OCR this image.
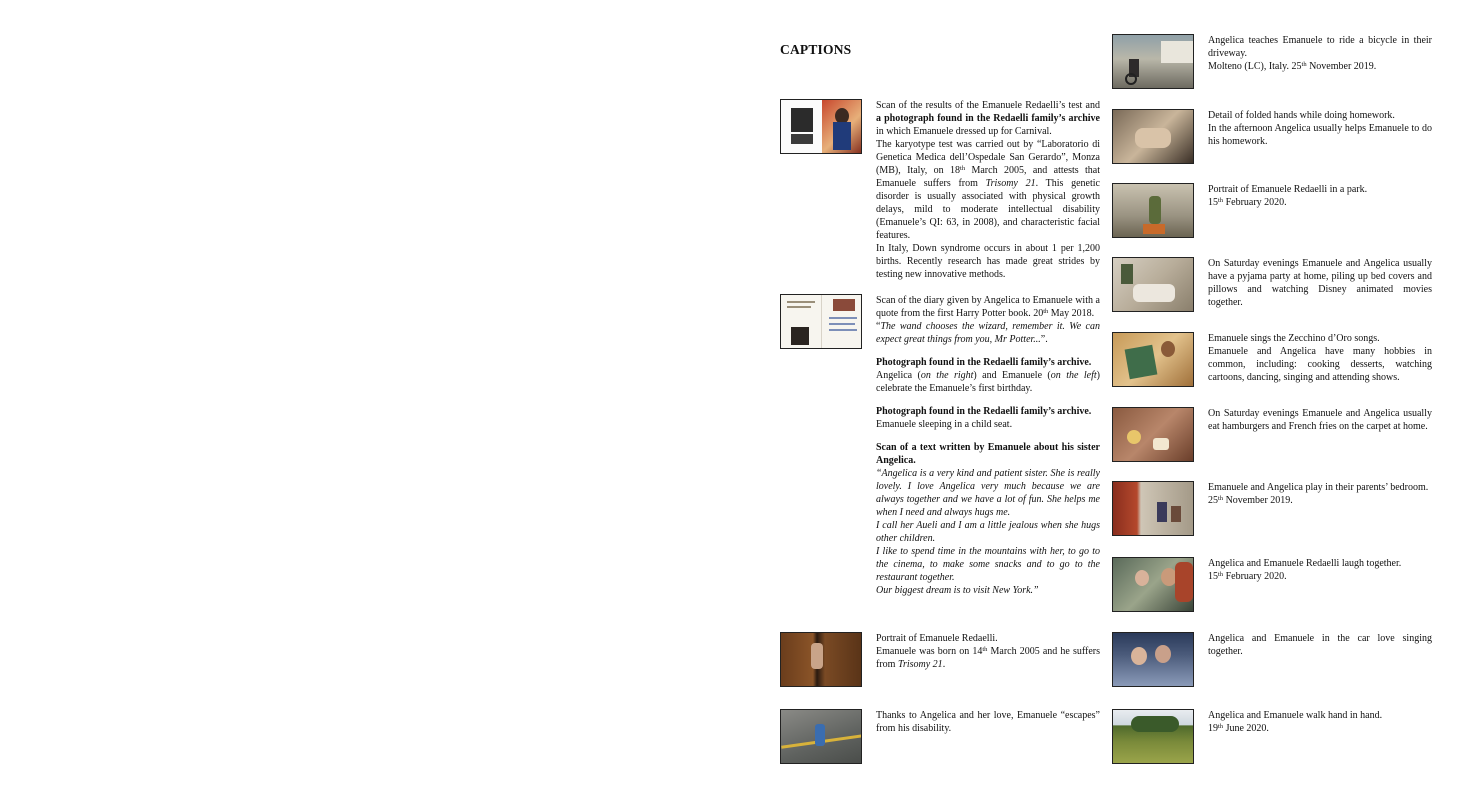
CAPTIONS

Scan of the results of the Emanuele Redaelli’s test and a photograph found in the Redaelli family’s archive in which Emanuele dressed up for Carnival.

The karyotype test was carried out by “Laboratorio di Genetica Medica dell’Ospedale San Gerardo”, Monza (MB), Italy, on 18th March 2005, and attests that Emanuele suffers from Trisomy 21. This genetic disorder is usually associated with physical growth delays, mild to moderate intellectual disability (Emanuele’s QI: 63, in 2008), and characteristic facial features.

In Italy, Down syndrome occurs in about 1 per 1,200 births. Recently research has made great strides by testing new innovative methods.

Scan of the diary given by Angelica to Emanuele with a quote from the first Harry Potter book. 20th May 2018.

“The wand chooses the wizard, remember it. We can expect great things from you, Mr Potter...”.

Photograph found in the Redaelli family’s archive.

Angelica (on the right) and Emanuele (on the left) celebrate the Emanuele’s first birthday.

Photograph found in the Redaelli family’s archive.

Emanuele sleeping in a child seat.

Scan of a text written by Emanuele about his sister Angelica.

“Angelica is a very kind and patient sister. She is really lovely. I love Angelica very much because we are always together and we have a lot of fun. She helps me when I need and always hugs me.

I call her Aueli and I am a little jealous when she hugs other children.

I like to spend time in the mountains with her, to go to the cinema, to make some snacks and to go to the restaurant together.

Our biggest dream is to visit New York.”

Portrait of Emanuele Redaelli.

Emanuele was born on 14th March 2005 and he suffers from Trisomy 21.

Thanks to Angelica and her love, Emanuele “escapes” from his disability.

Angelica teaches Emanuele to ride a bicycle in their driveway.

Molteno (LC), Italy. 25th November 2019.

Detail of folded hands while doing homework.

In the afternoon Angelica usually helps Emanuele to do his homework.

Portrait of Emanuele Redaelli in a park.

15th February 2020.

On Saturday evenings Emanuele and Angelica usually have a pyjama party at home, piling up bed covers and pillows and watching Disney animated movies together.

Emanuele sings the Zecchino d’Oro songs.

Emanuele and Angelica have many hobbies in common, including: cooking desserts, watching cartoons, dancing, singing and attending shows.

On Saturday evenings Emanuele and Angelica usually eat hamburgers and French fries on the carpet at home.

Emanuele and Angelica play in their parents’ bedroom.

25th November 2019.

Angelica and Emanuele Redaelli laugh together.

15th February 2020.

Angelica and Emanuele in the car love singing together.

Angelica and Emanuele walk hand in hand.

19th June 2020.
